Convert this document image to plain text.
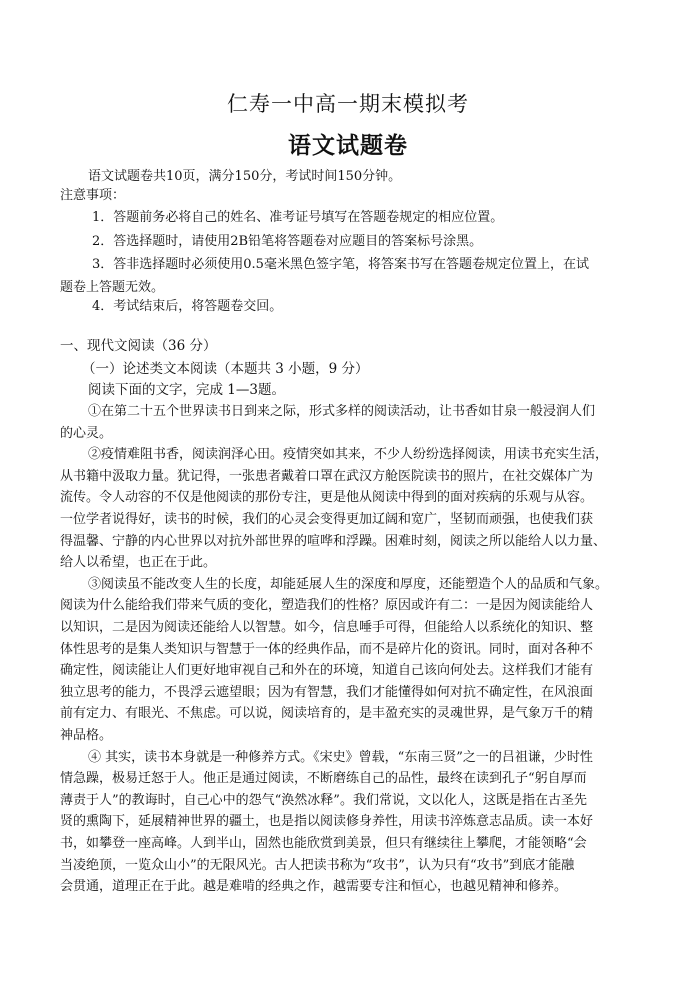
仁寿一中高一期末模拟考
语文试题卷
语文试题卷共10页，满分150分，考试时间150分钟。
注意事项：
1．答题前务必将自己的姓名、准考证号填写在答题卷规定的相应位置。
2．答选择题时，请使用2B铅笔将答题卷对应题目的答案标号涂黑。
3．答非选择题时必须使用0.5毫米黑色签字笔，将答案书写在答题卷规定位置上，在试
题卷上答题无效。
4．考试结束后，将答题卷交回。
一、现代文阅读（36 分）
（一）论述类文本阅读（本题共 3 小题，9 分）
阅读下面的文字，完成 1—3题。
①在第二十五个世界读书日到来之际，形式多样的阅读活动，让书香如甘泉一般浸润人们
的心灵。
②疫情难阻书香，阅读润泽心田。疫情突如其来，不少人纷纷选择阅读，用读书充实生活，
从书籍中汲取力量。犹记得，一张患者戴着口罩在武汉方舱医院读书的照片，在社交媒体广为
流传。令人动容的不仅是他阅读的那份专注，更是他从阅读中得到的面对疾病的乐观与从容。
一位学者说得好，读书的时候，我们的心灵会变得更加辽阔和宽广，坚韧而顽强，也使我们获
得温馨、宁静的内心世界以对抗外部世界的喧哗和浮躁。困难时刻，阅读之所以能给人以力量、
给人以希望，也正在于此。
③阅读虽不能改变人生的长度，却能延展人生的深度和厚度，还能塑造个人的品质和气象。
阅读为什么能给我们带来气质的变化，塑造我们的性格？原因或许有二：一是因为阅读能给人
以知识，二是因为阅读还能给人以智慧。如今，信息唾手可得，但能给人以系统化的知识、整
体性思考的是集人类知识与智慧于一体的经典作品，而不是碎片化的资讯。同时，面对各种不
确定性，阅读能让人们更好地审视自己和外在的环境，知道自己该向何处去。这样我们才能有
独立思考的能力，不畏浮云遮望眼；因为有智慧，我们才能懂得如何对抗不确定性，在风浪面
前有定力、有眼光、不焦虑。可以说，阅读培育的，是丰盈充实的灵魂世界，是气象万千的精
神品格。
④ 其实，读书本身就是一种修养方式。《宋史》曾载，“东南三贤”之一的吕祖谦，少时性
情急躁，极易迁怒于人。他正是通过阅读，不断磨练自己的品性，最终在读到孔子“躬自厚而
薄责于人”的教诲时，自己心中的怨气“涣然冰释”。我们常说，文以化人，这既是指在古圣先
贤的熏陶下，延展精神世界的疆土，也是指以阅读修身养性，用读书淬炼意志品质。读一本好
书，如攀登一座高峰。人到半山，固然也能欣赏到美景，但只有继续往上攀爬，才能领略“会
当凌绝顶，一览众山小”的无限风光。古人把读书称为“攻书”，认为只有“攻书”到底才能融
会贯通，道理正在于此。越是难啃的经典之作，越需要专注和恒心，也越见精神和修养。
